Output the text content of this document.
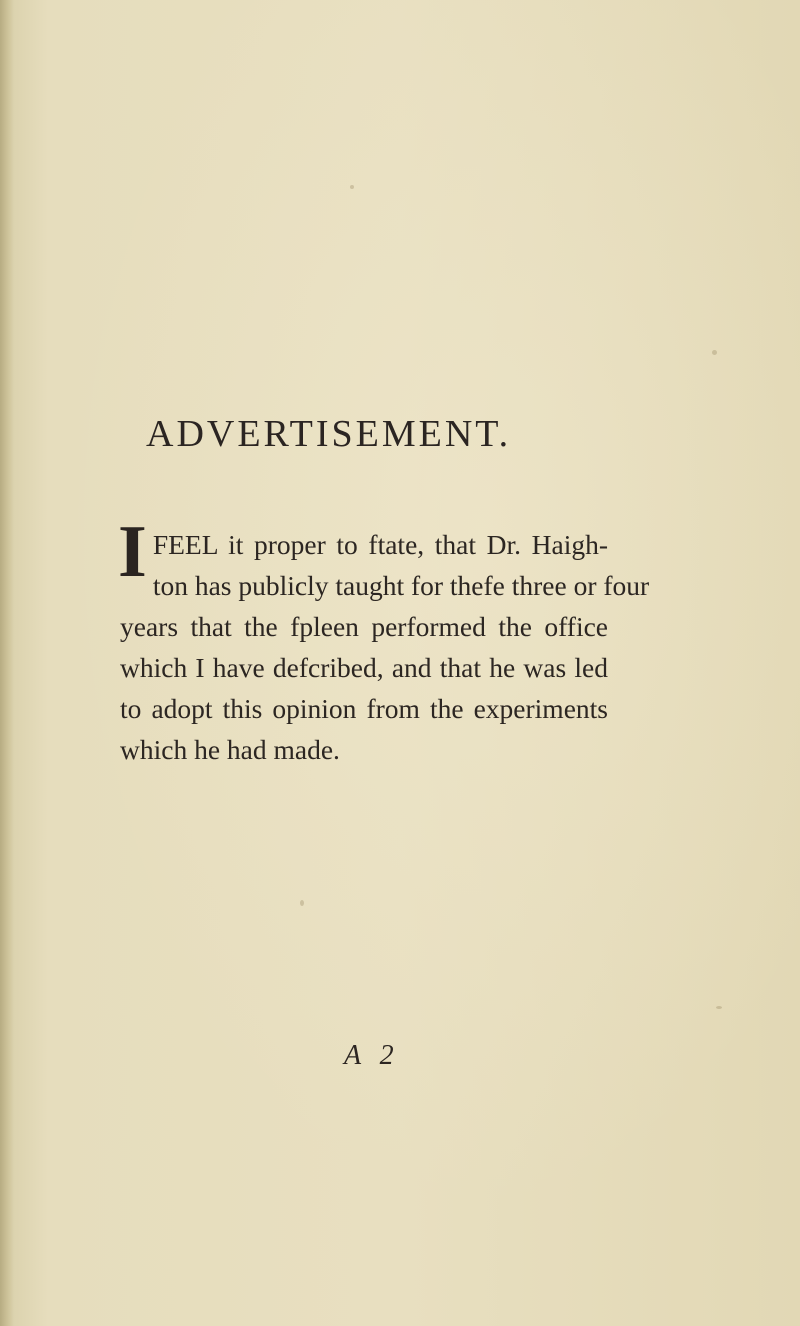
ADVERTISEMENT.
I FEEL it proper to ftate, that Dr. Haigh-
ton has publicly taught for thefe three or four
years that the fpleen performed the office
which I have defcribed, and that he was led
to adopt this opinion from the experiments
which he had made.
A 2
